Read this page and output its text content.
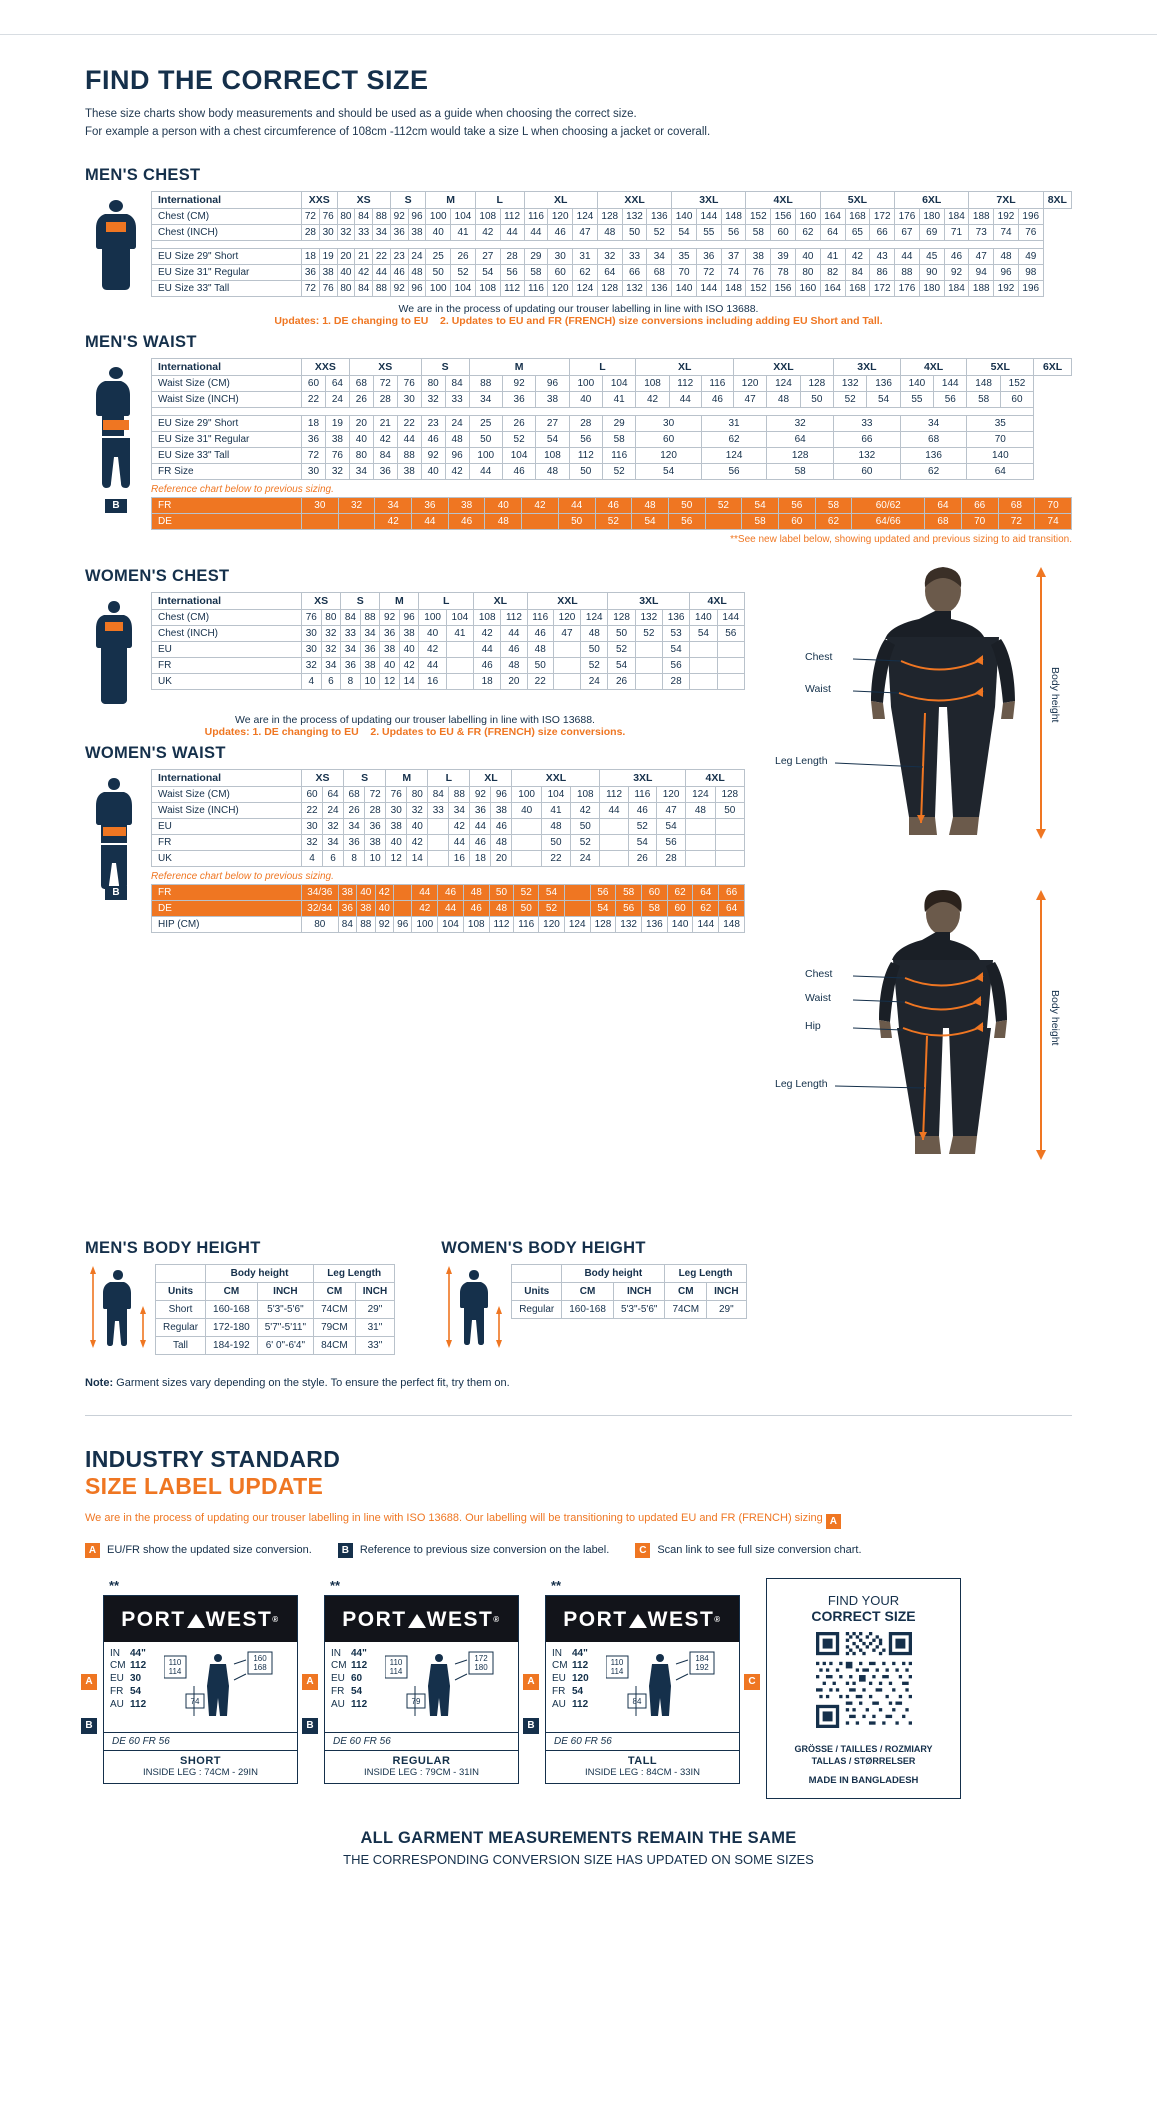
FIND THE CORRECT SIZE
These size charts show body measurements and should be used as a guide when choosing the correct size.
For example a person with a chest circumference of 108cm -112cm would take a size L when choosing a jacket or coverall.
MEN'S CHEST
International	XXS		XS			S		M		L		XL			XXL			3XL			4XL			5XL			6XL			7XL			8XL
Chest (CM)	72	76	80	84	88	92	96	100	104	108	112	116	120	124	128	132	136	140	144	148	152	156	160	164	168	172	176	180	184	188	192	196	
Chest (INCH)	28	30	32	33	34	36	38	40	41	42	44	44	46	47	48	50	52	54	55	56	58	60	62	64	65	66	67	69	71	73	74	76	

EU Size 29" Short	18	19	20	21	22	23	24	25	26	27	28	29	30	31	32	33	34	35	36	37	38	39	40	41	42	43	44	45	46	47	48	49	
EU Size 31" Regular	36	38	40	42	44	46	48	50	52	54	56	58	60	62	64	66	68	70	72	74	76	78	80	82	84	86	88	90	92	94	96	98	
EU Size 33" Tall	72	76	80	84	88	92	96	100	104	108	112	116	120	124	128	132	136	140	144	148	152	156	160	164	168	172	176	180	184	188	192	196	
We are in the process of updating our trouser labelling in line with ISO 13688.
Updates: 1. DE changing to EU 2. Updates to EU and FR (FRENCH) size conversions including adding EU Short and Tall.
MEN'S WAIST
International	XXS		XS			S		M			L		XL			XXL			3XL		4XL		5XL		6XL
Waist Size (CM)	60	64	68	72	76	80	84	88	92	96	100	104	108	112	116	120	124	128	132	136	140	144	148	152	
Waist Size (INCH)	22	24	26	28	30	32	33	34	36	38	40	41	42	44	46	47	48	50	52	54	55	56	58	60	

EU Size 29" Short	18	19	20	21	22	23	24	25	26	27	28	29	30		31		32		33		34		35		
EU Size 31" Regular	36	38	40	42	44	46	48	50	52	54	56	58	60		62		64		66		68		70		
EU Size 33" Tall	72	76	80	84	88	92	96	100	104	108	112	116	120		124		128		132		136		140		
FR Size	30	32	34	36	38	40	42	44	46	48	50	52	54		56		58		60		62		64		
Reference chart below to previous sizing.
B	FR	30	32	34	36	38	40	42	44	46	48	50	52	54	56	58	60/62	64	66	68	70
DE			42	44	46	48		50	52	54	56		58	60	62	64/66	68	70	72	74
**See new label below, showing updated and previous sizing to aid transition.
WOMEN'S CHEST
International	XS		S		M		L		XL		XXL			3XL			4XL	
Chest (CM)	76	80	84	88	92	96	100	104	108	112	116	120	124	128	132	136	140	144
Chest (INCH)	30	32	33	34	36	38	40	41	42	44	46	47	48	50	52	53	54	56
EU	30	32	34	36	38	40	42		44	46	48		50	52		54		
FR	32	34	36	38	40	42	44		46	48	50		52	54		56		
UK	4	6	8	10	12	14	16		18	20	22		24	26		28		
We are in the process of updating our trouser labelling in line with ISO 13688.
Updates: 1. DE changing to EU 2. Updates to EU & FR (FRENCH) size conversions.
WOMEN'S WAIST
International	XS		S		M		L		XL		XXL			3XL			4XL	
Waist Size (CM)	60	64	68	72	76	80	84	88	92	96	100	104	108	112	116	120	124	128
Waist Size (INCH)	22	24	26	28	30	32	33	34	36	38	40	41	42	44	46	47	48	50
EU	30	32	34	36	38	40		42	44	46		48	50		52	54		
FR	32	34	36	38	40	42		44	46	48		50	52		54	56		
UK	4	6	8	10	12	14		16	18	20		22	24		26	28		
Reference chart below to previous sizing.
B	FR	34/36	38	40	42		44	46	48	50	52	54		56	58	60	62	64	66
DE	32/34	36	38	40		42	44	46	48	50	52		54	56	58	60	62	64
HIP (CM)	80	84	88	92	96	100	104	108	112	116	120	124	128	132	136	140	144	148
Chest
Waist
Leg Length
Body height
Chest
Waist
Hip
Leg Length
Body height
MEN'S BODY HEIGHT
	Body height		Leg Length	
Units	CM	INCH	CM	INCH
Short	160-168	5'3"-5'6"	74CM	29"
Regular	172-180	5'7"-5'11"	79CM	31"
Tall	184-192	6' 0"-6'4"	84CM	33"
WOMEN'S BODY HEIGHT
	Body height		Leg Length	
Units	CM	INCH	CM	INCH
Regular	160-168	5'3"-5'6"	74CM	29"
Note: Garment sizes vary depending on the style. To ensure the perfect fit, try them on.
INDUSTRY STANDARD
SIZE LABEL UPDATE
We are in the process of updating our trouser labelling in line with ISO 13688. Our labelling will be transitioning to updated EU and FR (FRENCH) sizing A
A EU/FR show the updated size conversion.	B Reference to previous size conversion on the label.	C Scan link to see full size conversion chart.
**
A
B
PORT WEST ®
IN	44"
CM 112
EU 30
FR 54
AU 112
110
114
160
168
74
DE 60 FR 56
SHORT
INSIDE LEG : 74CM - 29IN
**
A
B
PORT WEST ®
IN	44"
CM 112
EU 60
FR 54
AU 112
110
114
172
180
79
DE 60 FR 56
REGULAR
INSIDE LEG : 79CM - 31IN
**
A
B
PORT WEST ®
IN	44"
CM 112
EU 120
FR 54
AU 112
110
114
184
192
84
DE 60 FR 56
TALL
INSIDE LEG : 84CM - 33IN
C
FIND YOUR
CORRECT SIZE
GRÖSSE / TAILLES / ROZMIARY TALLAS / STØRRELSER
MADE IN BANGLADESH
ALL GARMENT MEASUREMENTS REMAIN THE SAME
THE CORRESPONDING CONVERSION SIZE HAS UPDATED ON SOME SIZES
